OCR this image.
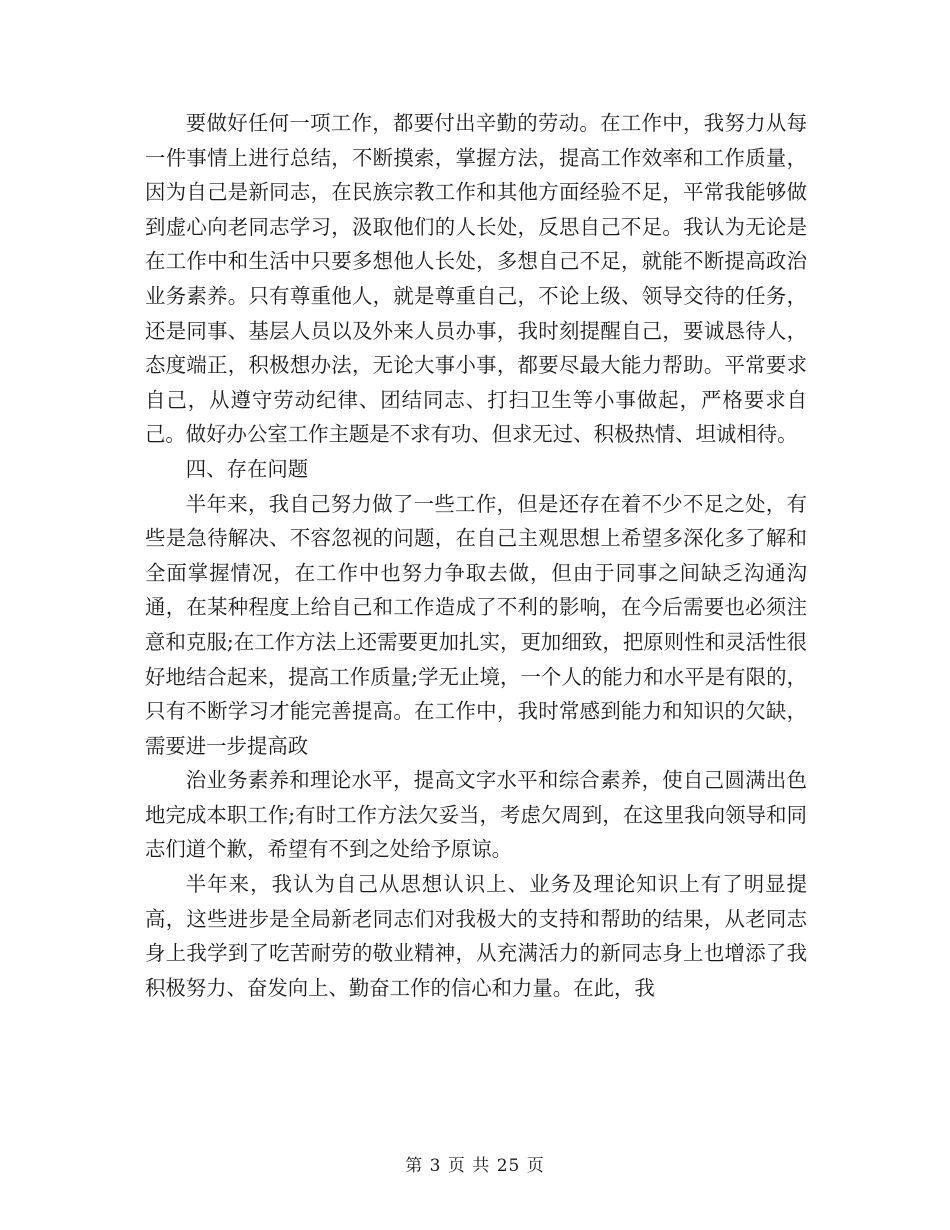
要做好任何一项工作，都要付出辛勤的劳动。在工作中，我努力从每一件事情上进行总结，不断摸索，掌握方法，提高工作效率和工作质量，因为自己是新同志，在民族宗教工作和其他方面经验不足，平常我能够做到虚心向老同志学习，汲取他们的人长处，反思自己不足。我认为无论是在工作中和生活中只要多想他人长处，多想自己不足，就能不断提高政治业务素养。只有尊重他人，就是尊重自己，不论上级、领导交待的任务，还是同事、基层人员以及外来人员办事，我时刻提醒自己，要诚恳待人，态度端正，积极想办法，无论大事小事，都要尽最大能力帮助。平常要求自己，从遵守劳动纪律、团结同志、打扫卫生等小事做起，严格要求自己。做好办公室工作主题是不求有功、但求无过、积极热情、坦诚相待。

四、存在问题

半年来，我自己努力做了一些工作，但是还存在着不少不足之处，有些是急待解决、不容忽视的问题，在自己主观思想上希望多深化多了解和全面掌握情况，在工作中也努力争取去做，但由于同事之间缺乏沟通沟通，在某种程度上给自己和工作造成了不利的影响，在今后需要也必须注意和克服;在工作方法上还需要更加扎实，更加细致，把原则性和灵活性很好地结合起来，提高工作质量;学无止境，一个人的能力和水平是有限的，只有不断学习才能完善提高。在工作中，我时常感到能力和知识的欠缺，需要进一步提高政

治业务素养和理论水平，提高文字水平和综合素养，使自己圆满出色地完成本职工作;有时工作方法欠妥当，考虑欠周到，在这里我向领导和同志们道个歉，希望有不到之处给予原谅。

半年来，我认为自己从思想认识上、业务及理论知识上有了明显提高，这些进步是全局新老同志们对我极大的支持和帮助的结果，从老同志身上我学到了吃苦耐劳的敬业精神，从充满活力的新同志身上也增添了我积极努力、奋发向上、勤奋工作的信心和力量。在此，我

第 3 页 共 25 页
